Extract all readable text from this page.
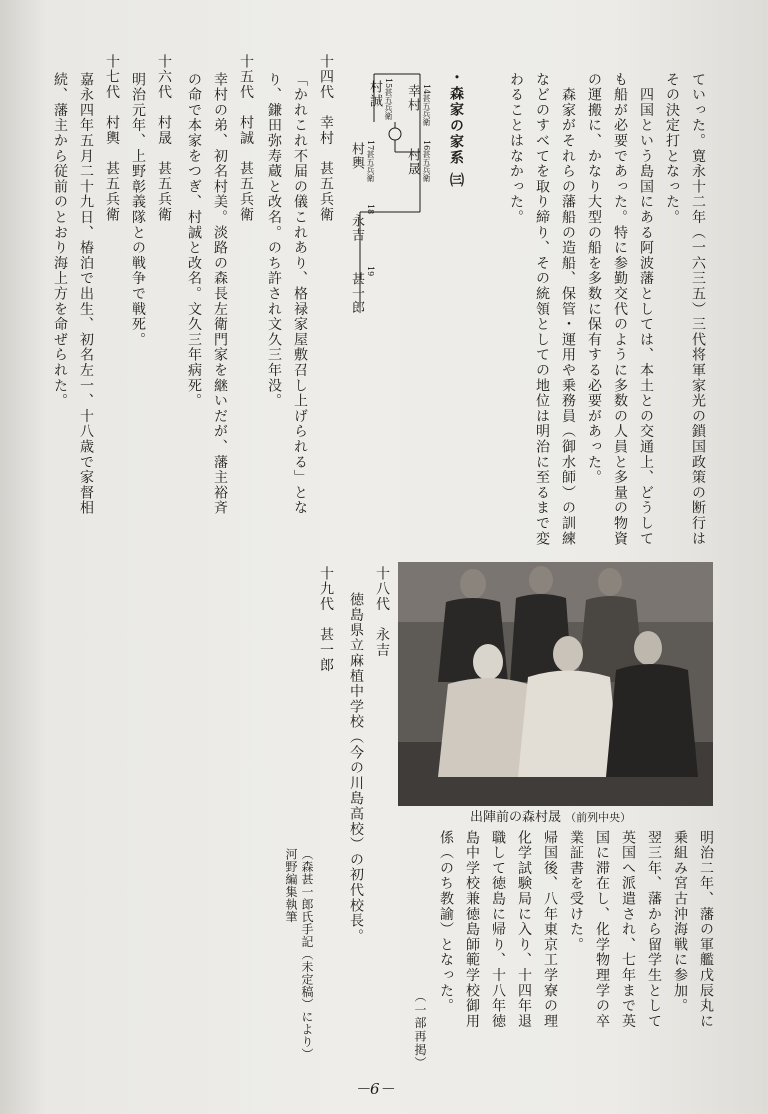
ていった。寛永十二年（一六三五）三代将軍家光の鎖国政策の断行は
その決定打となった。
　四国という島国にある阿波藩としては、本土との交通上、どうして
も船が必要であった。特に参勤交代のように多数の人員と多量の物資
の運搬に、かなり大型の船を多数に保有する必要があった。
　森家がそれらの藩船の造船、保管・運用や乗務員（御水師）の訓練
などのすべてを取り締り、その統領としての地位は明治に至るまで変
わることはなかった。
・森家の家系 ㈢
14甚五兵衛
幸村
16甚五兵衛
村晟
15甚五兵衛
村誠
17甚五兵衛
村輿
18
永吉
19
甚一郎
十四代　幸村　甚五兵衛
「かれこれ不届の儀これあり、格禄家屋敷召し上げられる」とな
り、鎌田弥寿蔵と改名。のち許され文久三年没。
十五代　村誠　甚五兵衛
幸村の弟、初名村美。淡路の森長左衛門家を継いだが、藩主裕斉
の命で本家をつぎ、村誠と改名。文久三年病死。
十六代　村晟　甚五兵衛
明治元年、上野彰義隊との戦争で戦死。
十七代　村輿　甚五兵衛
嘉永四年五月二十九日、椿泊で出生、初名左一、十八歳で家督相
続、藩主から従前のとおり海上方を命ぜられた。
出陣前の森村晟 （前列中央）
十八代　永吉
徳島県立麻植中学校（今の川島高校）の初代校長。
十九代　甚一郎
明治二年、藩の軍艦戊辰丸に
乗組み宮古沖海戦に参加。
翌三年、藩から留学生として
英国へ派遣され、七年まで英
国に滞在し、化学物理学の卒
業証書を受けた。
帰国後、八年東京工学寮の理
化学試験局に入り、十四年退
職して徳島に帰り、十八年徳
島中学校兼徳島師範学校御用
係（のち教諭）となった。
（一部再掲）
（森甚一郎氏手記（未定稿）により）
河野編集執筆
－6－
